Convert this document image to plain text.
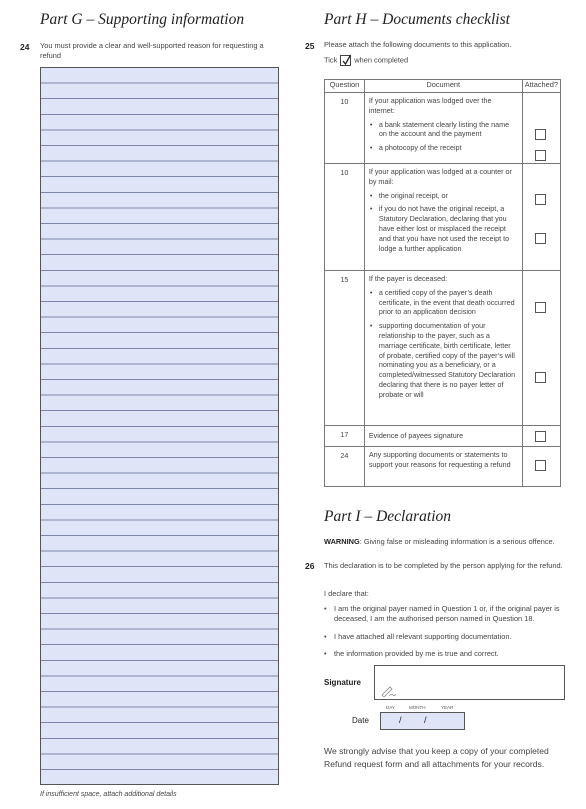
Part G – Supporting information
24 You must provide a clear and well-supported reason for requesting a refund
If insufficient space, attach additional details
Part H – Documents checklist
25 Please attach the following documents to this application.
Tick when completed
Question	Document	Attached?
10	If your application was lodged over the internet:
• a bank statement clearly listing the name on the account and the payment
• a photocopy of the receipt

10	If your application was lodged at a counter or by mail:
• the original receipt, or
• if you do not have the original receipt, a Statutory Declaration, declaring that you have either lost or misplaced the receipt and that you have not used the receipt to lodge a further application

15	If the payer is deceased:
• a certified copy of the payer’s death certificate, in the event that death occurred prior to an application decision
• supporting documentation of your relationship to the payer, such as a marriage certificate, birth certificate, letter of probate, certified copy of the payer’s will nominating you as a beneficiary, or a completed/witnessed Statutory Declaration declaring that there is no payer letter of probate or will

17	Evidence of payees signature	

24	Any supporting documents or statements to support your reasons for requesting a refund	

Part I – Declaration
WARNING: Giving false or misleading information is a serious offence.
26 This declaration is to be completed by the person applying for the refund.
I declare that:
• I am the original payer named in Question 1 or, if the original payer is deceased, I am the authorised person named in Question 18.
• I have attached all relevant supporting documentation.
• the information provided by me is true and correct.
Signature
DAY	MONTH	YEAR
Date	/ /
We strongly advise that you keep a copy of your completed Refund request form and all attachments for your records.
